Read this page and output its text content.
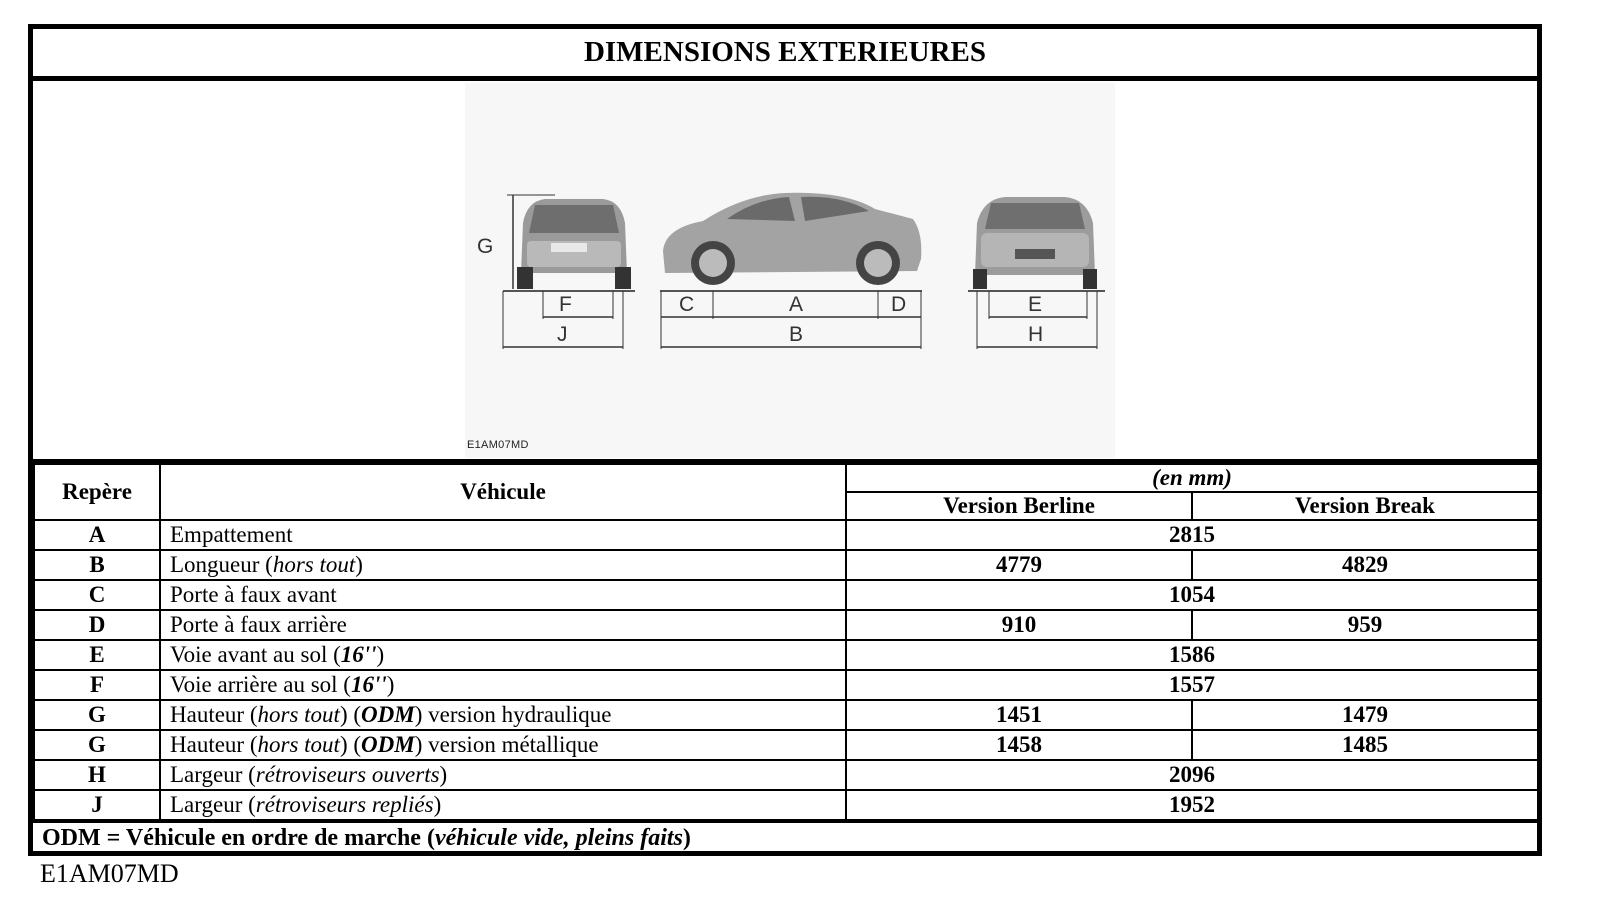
DIMENSIONS EXTERIEURES
G
F
J
C	A	D
B
E
H
E1AM07MD
Repère	Véhicule	(en mm)	
		Version Berline	Version Break
A	Empattement	2815	
B	Longueur (hors tout)	4779	4829
C	Porte à faux avant	1054	
D	Porte à faux arrière	910	959
E	Voie avant au sol (16'')	1586	
F	Voie arrière au sol (16'')	1557	
G	Hauteur (hors tout) (ODM) version hydraulique	1451	1479
G	Hauteur (hors tout) (ODM) version métallique	1458	1485
H	Largeur (rétroviseurs ouverts)	2096	
J	Largeur (rétroviseurs repliés)	1952	
ODM = Véhicule en ordre de marche (véhicule vide, pleins faits)
E1AM07MD
